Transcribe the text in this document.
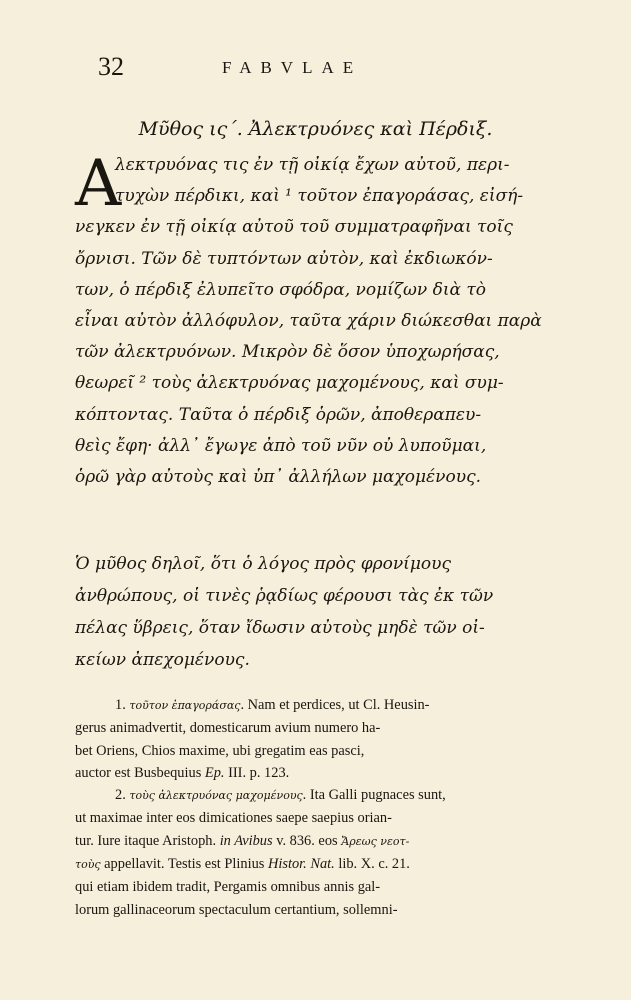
32	FABVLAE
Μῦθος ις΄. Ἀλεκτρυόνες καὶ Πέρδιξ.
Α
λεκτρυόνας τις ἐν τῇ οἰκίᾳ ἔχων αὐτοῦ, περι-
τυχὼν πέρδικι, καὶ ¹ τοῦτον ἐπαγοράσας, εἰσή-
νεγκεν ἐν τῇ οἰκίᾳ αὐτοῦ τοῦ συμματραφῆναι τοῖς
ὄρνισι. Τῶν δὲ τυπτόντων αὐτὸν, καὶ ἐκδιωκόν-
των, ὁ πέρδιξ ἐλυπεῖτο σφόδρα, νομίζων διὰ τὸ
εἶναι αὐτὸν ἀλλόφυλον, ταῦτα χάριν διώκεσθαι παρὰ
τῶν ἀλεκτρυόνων. Μικρὸν δὲ ὅσον ὑποχωρήσας,
θεωρεῖ ² τοὺς ἀλεκτρυόνας μαχομένους, καὶ συμ-
κόπτοντας. Ταῦτα ὁ πέρδιξ ὁρῶν, ἀποθεραπευ-
θεὶς ἔφη· ἀλλ᾽ ἔγωγε ἀπὸ τοῦ νῦν οὐ λυποῦμαι,
ὁρῶ γὰρ αὐτοὺς καὶ ὑπ᾽ ἀλλήλων μαχομένους.
Ὁ μῦθος δηλοῖ, ὅτι ὁ λόγος πρὸς φρονίμους
ἀνθρώπους, οἱ τινὲς ῥᾳδίως φέρουσι τὰς ἐκ τῶν
πέλας ὕβρεις, ὅταν ἴδωσιν αὐτοὺς μηδὲ τῶν οἰ-
κείων ἀπεχομένους.
1. τοῦτον ἐπαγοράσας. Nam et perdices, ut Cl. Heusin-
gerus animadvertit, domesticarum avium numero ha-
bet Oriens, Chios maxime, ubi gregatim eas pasci,
auctor est Busbequius Ep. III. p. 123.
2. τοὺς ἀλεκτρυόνας μαχομένους. Ita Galli pugnaces sunt,
ut maximae inter eos dimicationes saepe saepius orian-
tur. Iure itaque Aristoph. in Avibus v. 836. eos Ἄρεως νεοτ-
τοὺς appellavit. Testis est Plinius Histor. Nat. lib. X. c. 21.
qui etiam ibidem tradit, Pergamis omnibus annis gal-
lorum gallinaceorum spectaculum certantium, sollemni-
